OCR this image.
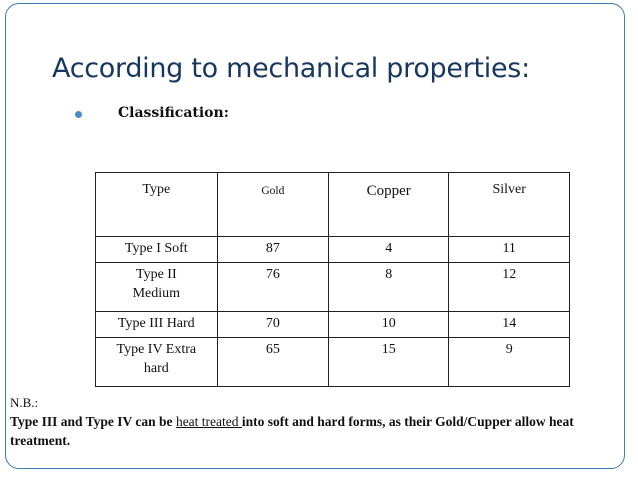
According to mechanical properties:
Classification:
Type	Gold	Copper	Silver
Type I Soft	87	4	11

Type II Medium	76	8	12
Type III Hard	70	10	14

Type IV Extra hard	65	15	9
N.B.:
Type III and Type IV can be heat treated into soft and hard forms, as their Gold/Cupper allow heat treatment.
